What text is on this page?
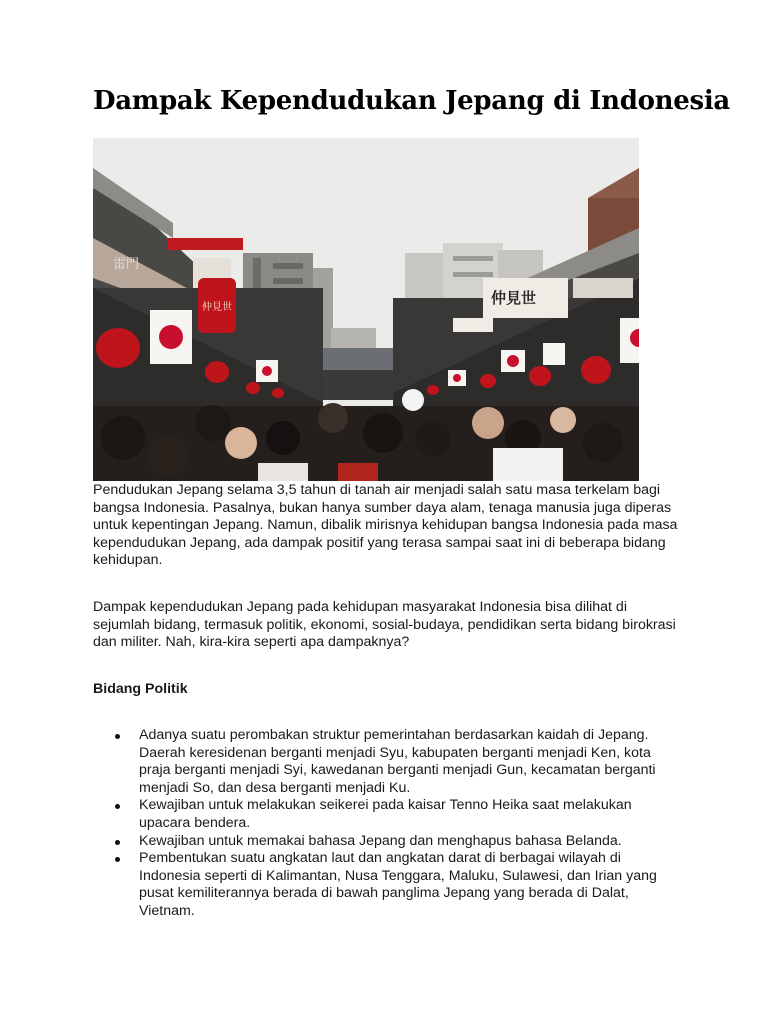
Dampak Kependudukan Jepang di Indonesia
仲見世
雷門
仲見世

Pendudukan Jepang selama 3,5 tahun di tanah air menjadi salah satu masa terkelam bagi bangsa Indonesia. Pasalnya, bukan hanya sumber daya alam, tenaga manusia juga diperas untuk kepentingan Jepang. Namun, dibalik mirisnya kehidupan bangsa Indonesia pada masa kependudukan Jepang, ada dampak positif yang terasa sampai saat ini di beberapa bidang kehidupan.

Dampak kependudukan Jepang pada kehidupan masyarakat Indonesia bisa dilihat di sejumlah bidang, termasuk politik, ekonomi, sosial-budaya, pendidikan serta bidang birokrasi dan militer. Nah, kira-kira seperti apa dampaknya?

Bidang Politik

Adanya suatu perombakan struktur pemerintahan berdasarkan kaidah di Jepang. Daerah keresidenan berganti menjadi Syu, kabupaten berganti menjadi Ken, kota praja berganti menjadi Syi, kawedanan berganti menjadi Gun, kecamatan berganti menjadi So, dan desa berganti menjadi Ku.
Kewajiban untuk melakukan seikerei pada kaisar Tenno Heika saat melakukan upacara bendera.
Kewajiban untuk memakai bahasa Jepang dan menghapus bahasa Belanda.
Pembentukan suatu angkatan laut dan angkatan darat di berbagai wilayah di Indonesia seperti di Kalimantan, Nusa Tenggara, Maluku, Sulawesi, dan Irian yang pusat kemiliterannya berada di bawah panglima Jepang yang berada di Dalat, Vietnam.
